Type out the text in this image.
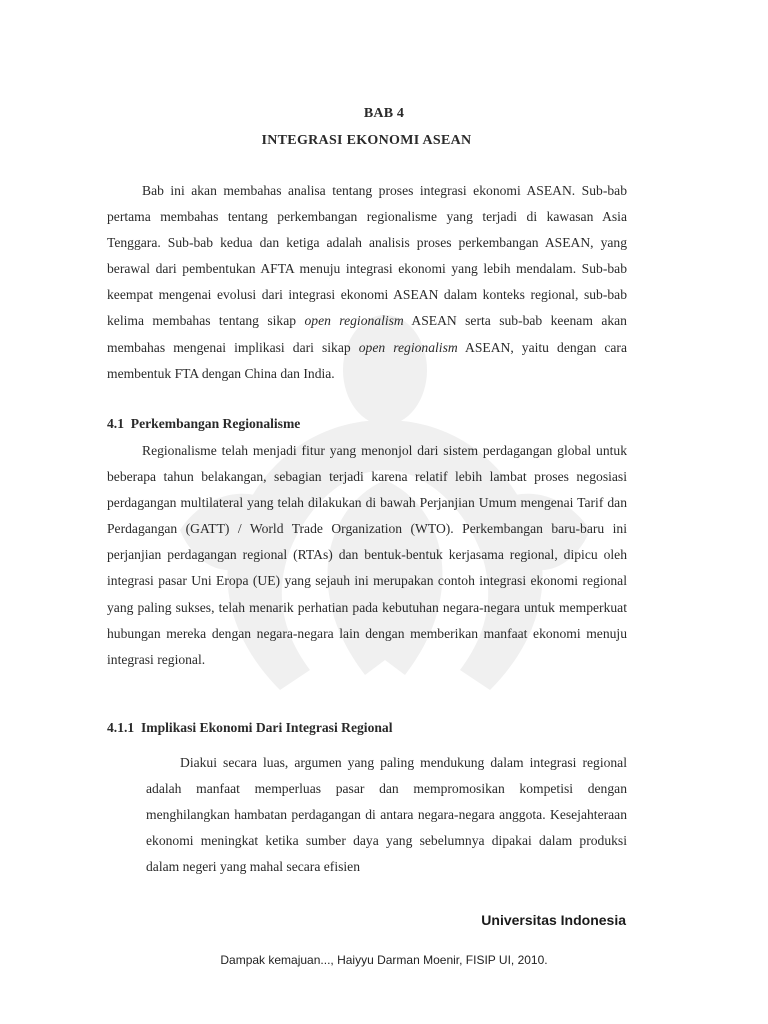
BAB 4
INTEGRASI EKONOMI ASEAN

Bab ini akan membahas analisa tentang proses integrasi ekonomi ASEAN. Sub-bab pertama membahas tentang perkembangan regionalisme yang terjadi di kawasan Asia Tenggara. Sub-bab kedua dan ketiga adalah analisis proses perkembangan ASEAN, yang berawal dari pembentukan AFTA menuju integrasi ekonomi yang lebih mendalam. Sub-bab keempat mengenai evolusi dari integrasi ekonomi ASEAN dalam konteks regional, sub-bab kelima membahas tentang sikap open regionalism ASEAN serta sub-bab keenam akan membahas mengenai implikasi dari sikap open regionalism ASEAN, yaitu dengan cara membentuk FTA dengan China dan India.

4.1 Perkembangan Regionalisme

Regionalisme telah menjadi fitur yang menonjol dari sistem perdagangan global untuk beberapa tahun belakangan, sebagian terjadi karena relatif lebih lambat proses negosiasi perdagangan multilateral yang telah dilakukan di bawah Perjanjian Umum mengenai Tarif dan Perdagangan (GATT) / World Trade Organization (WTO). Perkembangan baru-baru ini perjanjian perdagangan regional (RTAs) dan bentuk-bentuk kerjasama regional, dipicu oleh integrasi pasar Uni Eropa (UE) yang sejauh ini merupakan contoh integrasi ekonomi regional yang paling sukses, telah menarik perhatian pada kebutuhan negara-negara untuk memperkuat hubungan mereka dengan negara-negara lain dengan memberikan manfaat ekonomi menuju integrasi regional.

4.1.1 Implikasi Ekonomi Dari Integrasi Regional

Diakui secara luas, argumen yang paling mendukung dalam integrasi regional adalah manfaat memperluas pasar dan mempromosikan kompetisi dengan menghilangkan hambatan perdagangan di antara negara-negara anggota. Kesejahteraan ekonomi meningkat ketika sumber daya yang sebelumnya dipakai dalam produksi dalam negeri yang mahal secara efisien

Universitas Indonesia
Dampak kemajuan..., Haiyyu Darman Moenir, FISIP UI, 2010.
